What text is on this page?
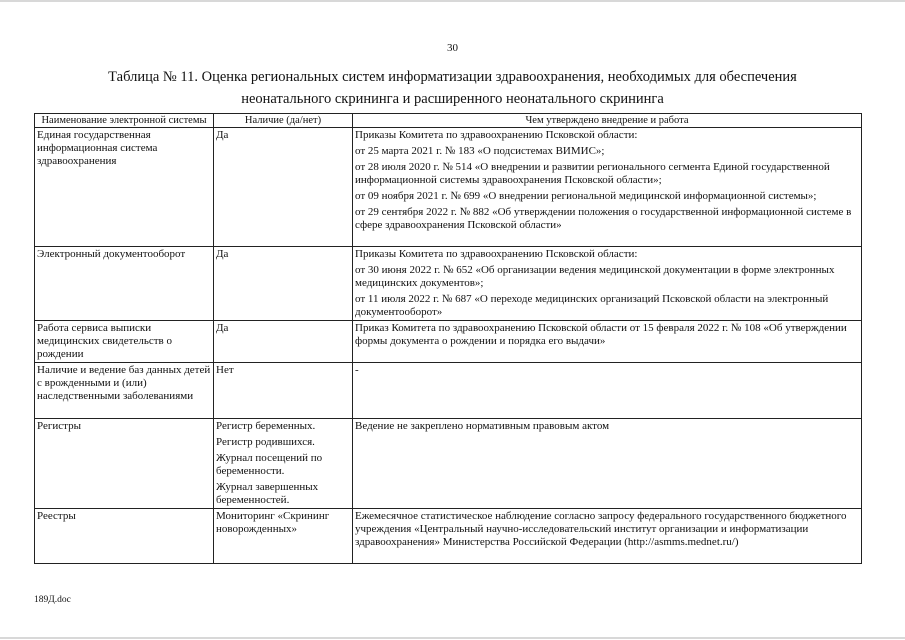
30
Таблица № 11. Оценка региональных систем информатизации здравоохранения, необходимых для обеспечения
неонатального скрининга и расширенного неонатального скрининга
Наименование электронной системы	Наличие (да/нет)	Чем утверждено внедрение и работа
Единая государственная информационная система здравоохранения	Да	Приказы Комитета по здравоохранению Псковской области:
от 25 марта 2021 г. № 183 «О подсистемах ВИМИС»;
от 28 июля 2020 г. № 514 «О внедрении и развитии регионального сегмента Единой государственной информационной системы здравоохранения Псковской области»;
от 09 ноября 2021 г. № 699 «О внедрении региональной медицинской информационной системы»;
от 29 сентября 2022 г. № 882 «Об утверждении положения о государственной информационной системе в сфере здравоохранения Псковской области»

Электронный документооборот	Да	Приказы Комитета по здравоохранению Псковской области:
от 30 июня 2022 г. № 652 «Об организации ведения медицинской документации в форме электронных медицинских документов»;
от 11 июля 2022 г. № 687 «О переходе медицинских организаций Псковской области на электронный документооборот»

Работа сервиса выписки медицинских свидетельств о рождении	Да	Приказ Комитета по здравоохранению Псковской области от 15 февраля 2022 г. № 108 «Об утверждении формы документа о рождении и порядка его выдачи»

Наличие и ведение баз данных детей с врожденными и (или) наследственными заболеваниями	Нет	-

Регистры	Регистр беременных.
Регистр родившихся.
Журнал посещений по беременности.
Журнал завершенных беременностей.	Ведение не закреплено нормативным правовым актом

Реестры	Мониторинг «Скрининг новорожденных»	Ежемесячное статистическое наблюдение согласно запросу федерального государственного бюджетного учреждения «Центральный научно-исследовательский институт организации и информатизации здравоохранения» Министерства Российской Федерации (http://asmms.mednet.ru/)
189Д.doc
